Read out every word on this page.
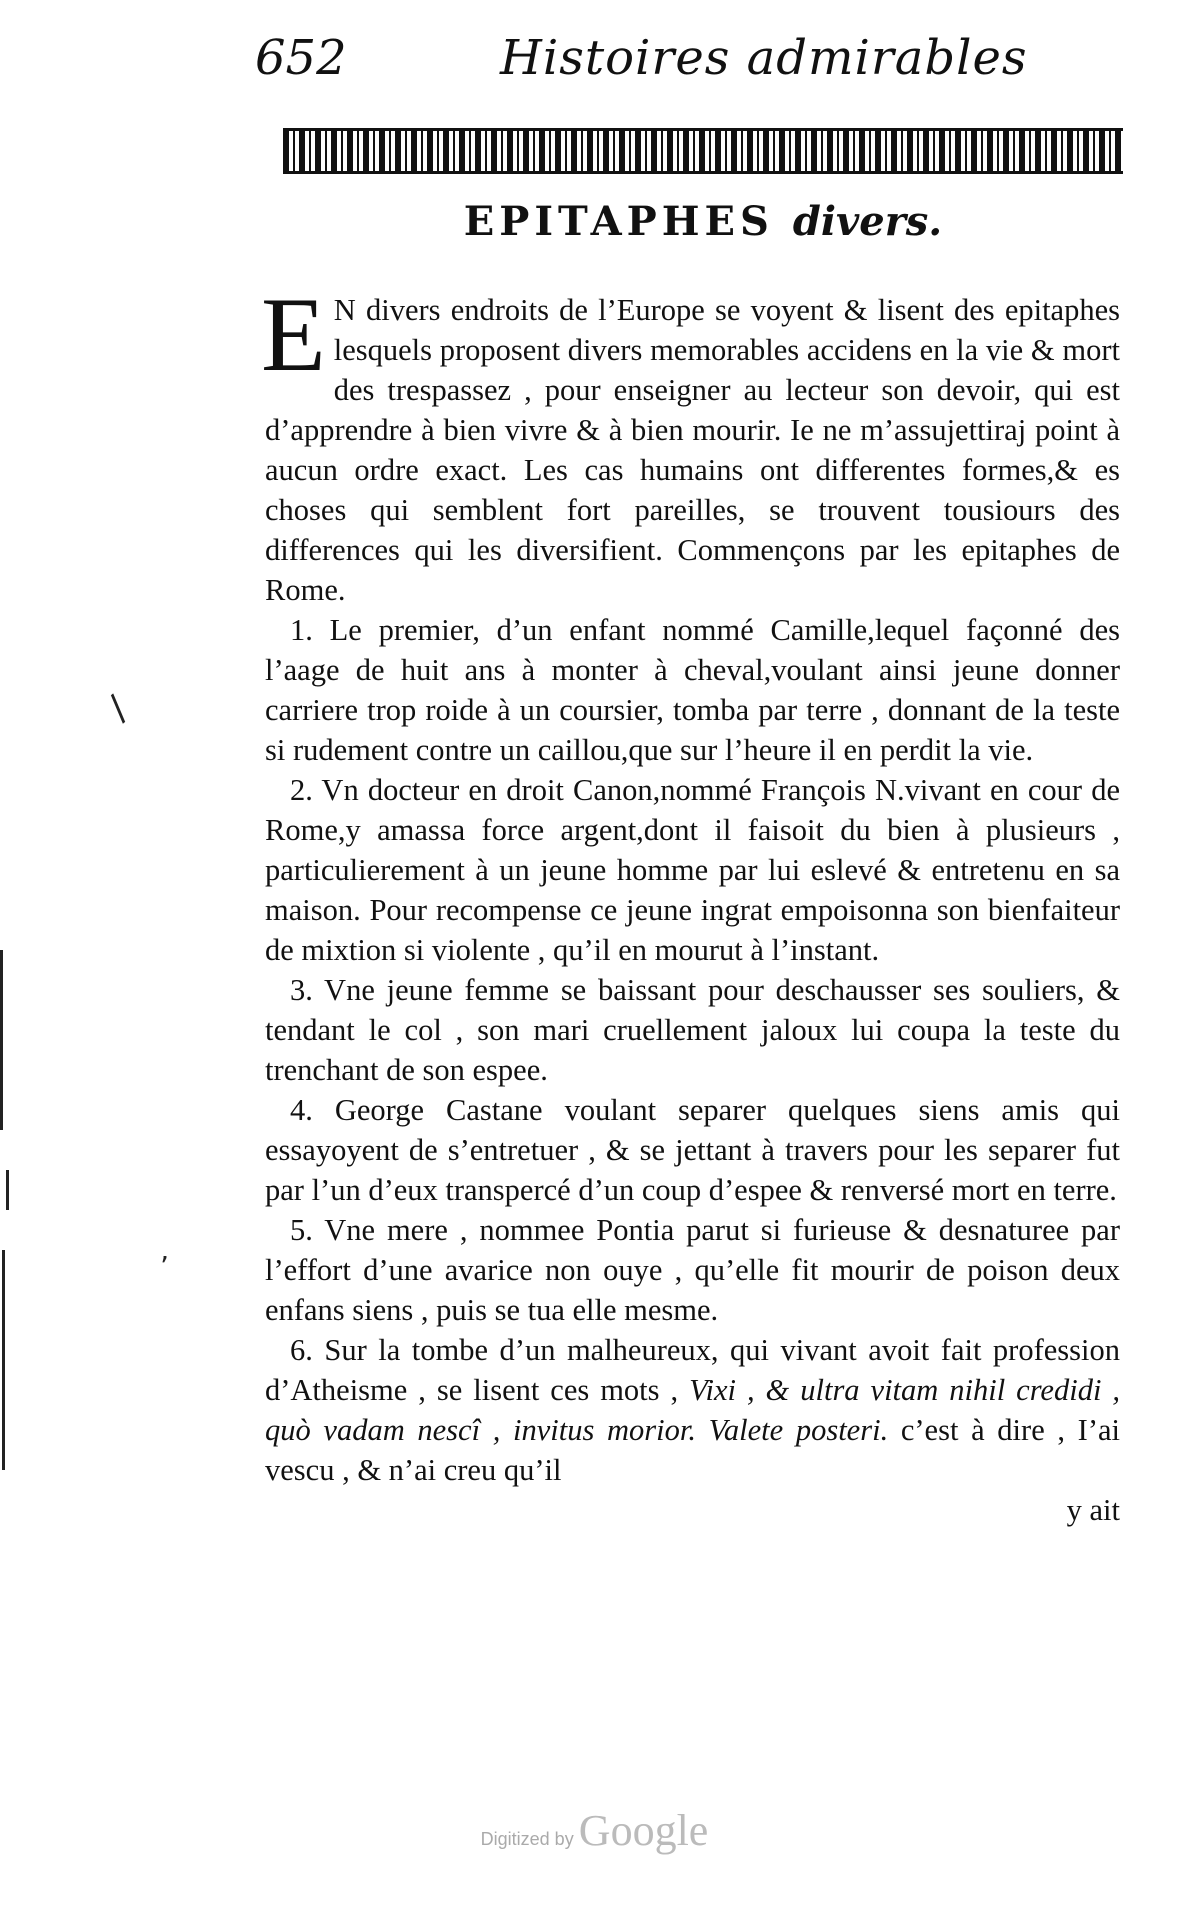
/
’
652	Histoires admirables
EPITAPHES divers.

E N divers endroits de l’Europe se voyent & lisent des epitaphes lesquels proposent divers memorables accidens en la vie & mort des trespassez , pour enseigner au lecteur son devoir, qui est d’apprendre à bien vivre & à bien mourir. Ie ne m’assujettiraj point à aucun ordre exact. Les cas humains ont differentes formes,& es choses qui semblent fort pareilles, se trouvent tousiours des differences qui les diversifient. Commençons par les epitaphes de Rome.

1. Le premier, d’un enfant nommé Camille,lequel façonné des l’aage de huit ans à monter à cheval,voulant ainsi jeune donner carriere trop roide à un coursier, tomba par terre , donnant de la teste si rudement contre un caillou,que sur l’heure il en perdit la vie.

2. Vn docteur en droit Canon,nommé François N.vivant en cour de Rome,y amassa force argent,dont il faisoit du bien à plusieurs , particulierement à un jeune homme par lui eslevé & entretenu en sa maison. Pour recompense ce jeune ingrat empoisonna son bienfaiteur de mixtion si violente , qu’il en mourut à l’instant.

3. Vne jeune femme se baissant pour deschausser ses souliers, & tendant le col , son mari cruellement jaloux lui coupa la teste du trenchant de son espee.

4. George Castane voulant separer quelques siens amis qui essayoyent de s’entretuer , & se jettant à travers pour les separer fut par l’un d’eux transpercé d’un coup d’espee & renversé mort en terre.

5. Vne mere , nommee Pontia parut si furieuse & desnaturee par l’effort d’une avarice non ouye , qu’elle fit mourir de poison deux enfans siens , puis se tua elle mesme.

6. Sur la tombe d’un malheureux, qui vivant avoit fait profession d’Atheisme , se lisent ces mots , Vixi , & ultra vitam nihil credidi , quò vadam nescî , invitus morior. Valete posteri. c’est à dire , I’ai vescu , & n’ai creu qu’il

y ait

Digitized by Google
